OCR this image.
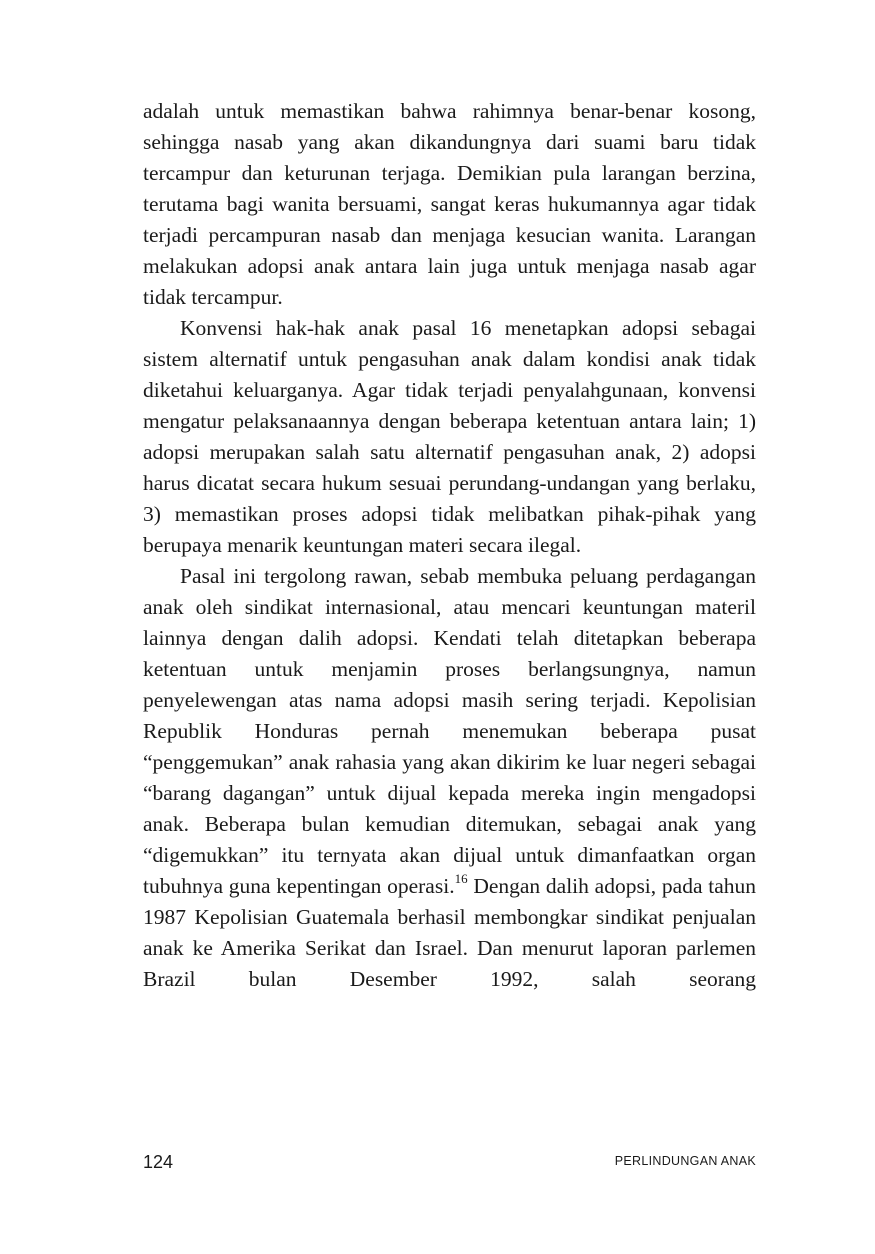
adalah untuk memastikan bahwa rahimnya benar-benar kosong, sehingga nasab yang akan dikandungnya dari suami baru tidak tercampur dan keturunan terjaga. Demikian pula larangan berzina, terutama bagi wanita bersuami, sangat keras hukumannya agar tidak terjadi percampuran nasab dan menjaga kesucian wanita. Larangan melakukan adopsi anak antara lain juga untuk menjaga nasab agar tidak tercampur.

Konvensi hak-hak anak pasal 16 menetapkan adopsi sebagai sistem alternatif untuk pengasuhan anak dalam kondisi anak tidak diketahui keluarganya. Agar tidak terjadi penyalahgunaan, konvensi mengatur pelaksanaannya dengan beberapa ketentuan antara lain; 1) adopsi merupakan salah satu alternatif pengasuhan anak, 2) adopsi harus dicatat secara hukum sesuai perundang-undangan yang berlaku, 3) memastikan proses adopsi tidak melibatkan pihak-pihak yang berupaya menarik keuntungan materi secara ilegal.

Pasal ini tergolong rawan, sebab membuka peluang perdagangan anak oleh sindikat internasional, atau mencari keuntungan materil lainnya dengan dalih adopsi. Kendati telah ditetapkan beberapa ketentuan untuk menjamin proses berlangsungnya, namun penyelewengan atas nama adopsi masih sering terjadi. Kepolisian Republik Honduras pernah menemukan beberapa pusat “penggemukan” anak rahasia yang akan dikirim ke luar negeri sebagai “barang dagangan” untuk dijual kepada mereka ingin mengadopsi anak. Beberapa bulan kemudian ditemukan, sebagai anak yang “digemukkan” itu ternyata akan dijual untuk dimanfaatkan organ tubuhnya guna kepentingan operasi.$^{16}$ Dengan dalih adopsi, pada tahun 1987 Kepolisian Guatemala berhasil membongkar sindikat penjualan anak ke Amerika Serikat dan Israel. Dan menurut laporan parlemen Brazil bulan Desember 1992, salah seorang

124	PERLINDUNGAN ANAK
